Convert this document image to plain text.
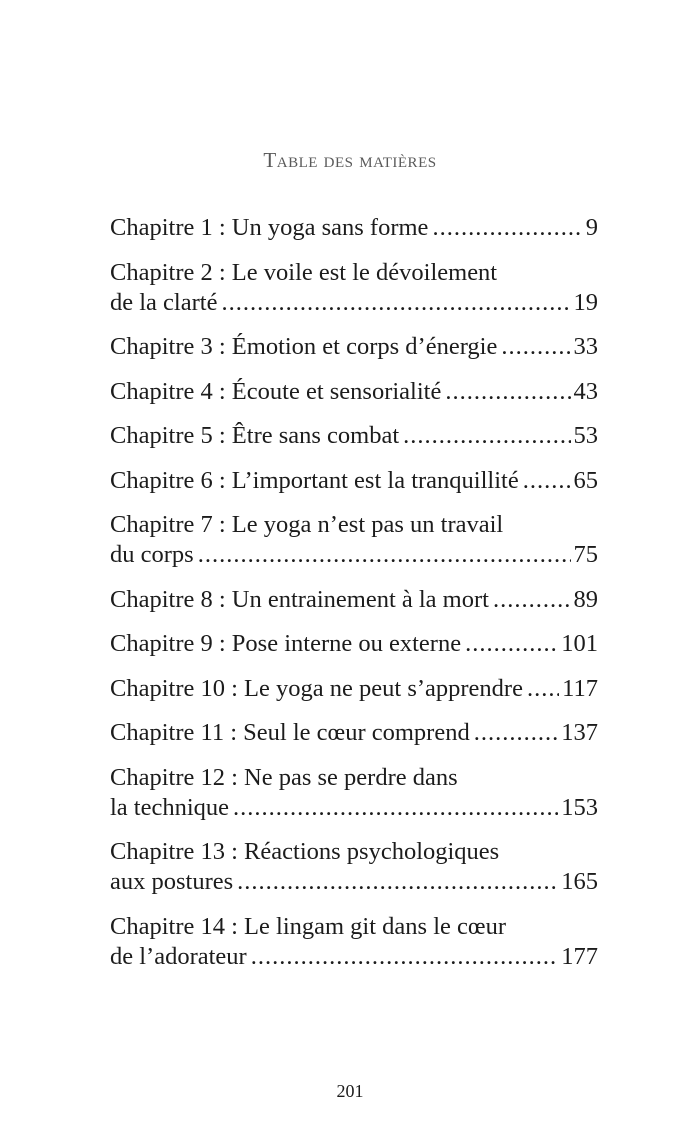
Table des matières
Chapitre 1 : Un yoga sans forme .....	9
Chapitre 2 : Le voile est le dévoilement
de la clarté .....	19
Chapitre 3 : Émotion et corps d’énergie .....	33
Chapitre 4 : Écoute et sensorialité .....	43
Chapitre 5 : Être sans combat .....	53
Chapitre 6 : L’important est la tranquillité ..... 65
Chapitre 7 : Le yoga n’est pas un travail
du corps .....	75
Chapitre 8 : Un entrainement à la mort .....	89
Chapitre 9 : Pose interne ou externe .....	101
Chapitre 10 : Le yoga ne peut s’apprendre ..... 117
Chapitre 11 : Seul le cœur comprend .....	137
Chapitre 12 : Ne pas se perdre dans
la technique .....	153
Chapitre 13 : Réactions psychologiques
aux postures .....	165
Chapitre 14 : Le lingam git dans le cœur
de l’adorateur .....	177
201
